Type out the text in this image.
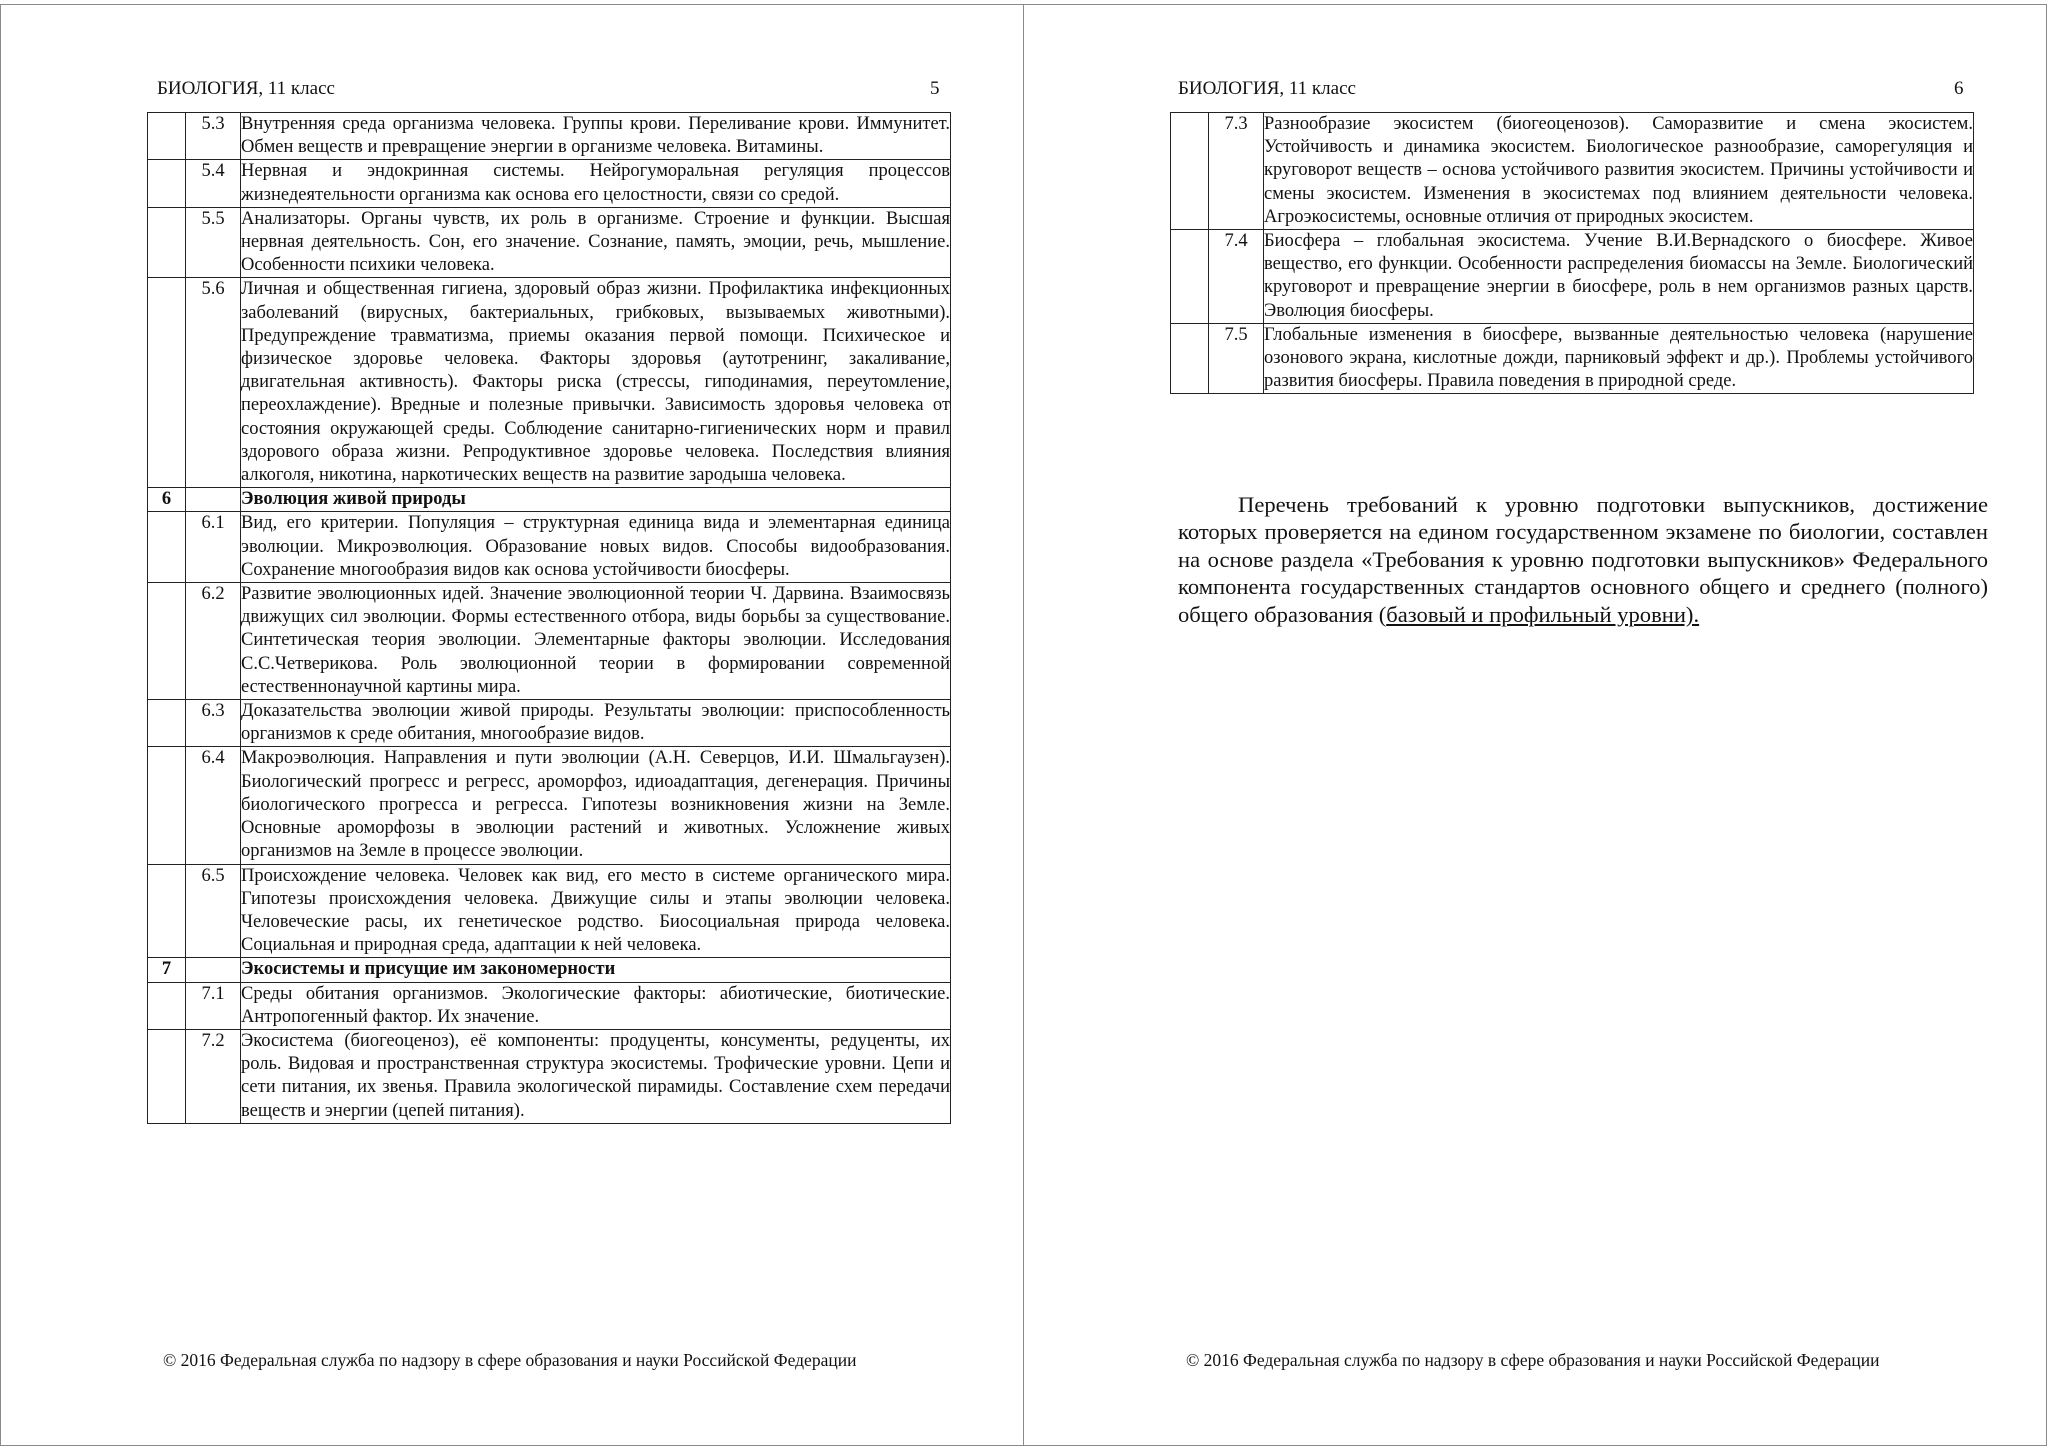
БИОЛОГИЯ, 11 класс	5
	5.3	Внутренняя среда организма человека. Группы крови. Переливание крови. Иммунитет. Обмен веществ и превращение энергии в организме человека. Витамины.
	5.4	Нервная и эндокринная системы. Нейрогуморальная регуляция процессов жизнедеятельности организма как основа его целостности, связи со средой.
	5.5	Анализаторы. Органы чувств, их роль в организме. Строение и функции. Высшая нервная деятельность. Сон, его значение. Сознание, память, эмоции, речь, мышление. Особенности психики человека.
	5.6	Личная и общественная гигиена, здоровый образ жизни. Профилактика инфекционных заболеваний (вирусных, бактериальных, грибковых, вызываемых животными). Предупреждение травматизма, приемы оказания первой помощи. Психическое и физическое здоровье человека. Факторы здоровья (аутотренинг, закаливание, двигательная активность). Факторы риска (стрессы, гиподинамия, переутомление, переохлаждение). Вредные и полезные привычки. Зависимость здоровья человека от состояния окружающей среды. Соблюдение санитарно-гигиенических норм и правил здорового образа жизни. Репродуктивное здоровье человека. Последствия влияния алкоголя, никотина, наркотических веществ на развитие зародыша человека.
6		Эволюция живой природы
	6.1	Вид, его критерии. Популяция – структурная единица вида и элементарная единица эволюции. Микроэволюция. Образование новых видов. Способы видообразования. Сохранение многообразия видов как основа устойчивости биосферы.
	6.2	Развитие эволюционных идей. Значение эволюционной теории Ч. Дарвина. Взаимосвязь движущих сил эволюции. Формы естественного отбора, виды борьбы за существование. Синтетическая теория эволюции. Элементарные факторы эволюции. Исследования С.С.Четверикова. Роль эволюционной теории в формировании современной естественнонаучной картины мира.
	6.3	Доказательства эволюции живой природы. Результаты эволюции: приспособленность организмов к среде обитания, многообразие видов.
	6.4	Макроэволюция. Направления и пути эволюции (А.Н. Северцов, И.И. Шмальгаузен). Биологический прогресс и регресс, ароморфоз, идиоадаптация, дегенерация. Причины биологического прогресса и регресса. Гипотезы возникновения жизни на Земле. Основные ароморфозы в эволюции растений и животных. Усложнение живых организмов на Земле в процессе эволюции.
	6.5	Происхождение человека. Человек как вид, его место в системе органического мира. Гипотезы происхождения человека. Движущие силы и этапы эволюции человека. Человеческие расы, их генетическое родство. Биосоциальная природа человека. Социальная и природная среда, адаптации к ней человека.
7		Экосистемы и присущие им закономерности
	7.1	Среды обитания организмов. Экологические факторы: абиотические, биотические. Антропогенный фактор. Их значение.
	7.2	Экосистема (биогеоценоз), её компоненты: продуценты, консументы, редуценты, их роль. Видовая и пространственная структура экосистемы. Трофические уровни. Цепи и сети питания, их звенья. Правила экологической пирамиды. Составление схем передачи веществ и энергии (цепей питания).
© 2016 Федеральная служба по надзору в сфере образования и науки Российской Федерации
БИОЛОГИЯ, 11 класс	6
	7.3	Разнообразие экосистем (биогеоценозов). Саморазвитие и смена экосистем. Устойчивость и динамика экосистем. Биологическое разнообразие, саморегуляция и круговорот веществ – основа устойчивого развития экосистем. Причины устойчивости и смены экосистем. Изменения в экосистемах под влиянием деятельности человека. Агроэкосистемы, основные отличия от природных экосистем.
	7.4	Биосфера – глобальная экосистема. Учение В.И.Вернадского о биосфере. Живое вещество, его функции. Особенности распределения биомассы на Земле. Биологический круговорот и превращение энергии в биосфере, роль в нем организмов разных царств. Эволюция биосферы.
	7.5	Глобальные изменения в биосфере, вызванные деятельностью человека (нарушение озонового экрана, кислотные дожди, парниковый эффект и др.). Проблемы устойчивого развития биосферы. Правила поведения в природной среде.

Перечень требований к уровню подготовки выпускников, достижение которых проверяется на едином государственном экзамене по биологии, составлен на основе раздела «Требования к уровню подготовки выпускников» Федерального компонента государственных стандартов основного общего и среднего (полного) общего образования (базовый и профильный уровни).

© 2016 Федеральная служба по надзору в сфере образования и науки Российской Федерации
